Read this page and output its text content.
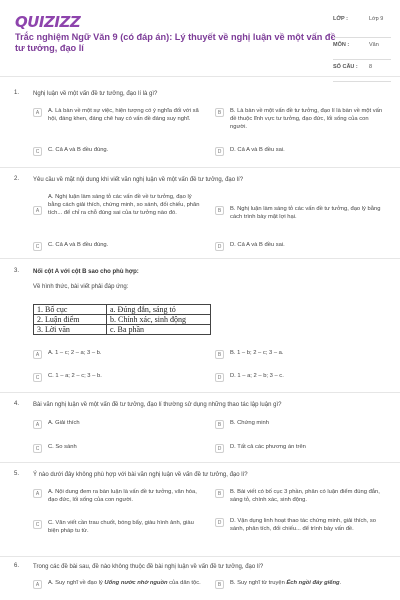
QUIZIZZ
Trắc nghiệm Ngữ Văn 9 (có đáp án): Lý thuyết về nghị luận về một vấn đề tư tưởng, đạo lí
LỚP :	Lớp 9
MÔN :	Văn
SỐ CÂU : 8
1. Nghị luận về một vấn đề tư tưởng, đạo lí là gì?
A	A. Là bàn về một sự việc, hiện tượng có ý nghĩa đối với xã hội, đáng khen, đáng chê hay có vấn đề đáng suy nghĩ.
B	B. Là bàn về một vấn đề tư tưởng, đạo lí là bàn về một vấn đề thuộc lĩnh vực tư tưởng, đạo đức, lối sống của con người.
C	C. Cả A và B đều đúng.	D	D. Cả A và B đều sai.
2. Yêu cầu về mặt nội dung khi viết văn nghị luận về một vấn đề tư tưởng, đạo lí?
A
A. Nghị luận làm sáng tỏ các vấn đề về tư tưởng, đạo lý bằng cách giải thích, chứng minh, so sánh, đối chiếu, phân tích... để chỉ ra chỗ đúng sai của tư tưởng nào đó.	B	B. Nghị luận làm sáng tỏ các vấn đề tư tưởng, đạo lý bằng cách trình bày mặt lợi hại.
C	C. Cả A và B đều đúng.	D	D. Cả A và B đều sai.
3. Nối cột A với cột B sao cho phù hợp:
Về hình thức, bài viết phải đáp ứng:
1. Bố cục	a. Đúng đắn, sáng tỏ
2. Luận điểm	b. Chính xác, sinh động
3. Lời văn	c. Ba phần
A	A. 1 – c; 2 – a; 3 – b.	B	B. 1 – b; 2 – c; 3 – a.
C	C. 1 – a; 2 – c; 3 – b.	D	D. 1 – a; 2 – b; 3 – c.
4. Bài văn nghị luận về một vấn đề tư tưởng, đạo lí thường sử dụng những thao tác lập luận gì?
A	A. Giải thích	B	B. Chứng minh
C	C. So sánh	D	D. Tất cả các phương án trên
5. Ý nào dưới đây không phù hợp với bài văn nghị luận về vấn đề tư tưởng, đạo lí?
A	A. Nội dung đem ra bàn luận là vấn đề tư tưởng, văn hóa, đạo đức, lối sống của con người.
B	B. Bài viết có bố cục 3 phần, phân có luận điểm đúng đắn, sáng tỏ, chính xác, sinh động.
C	C. Văn viết cần trau chuốt, bóng bẩy, giàu hình ảnh, giàu biện pháp tu từ.
D	D. Vận dụng linh hoạt thao tác chứng minh, giải thích, so sánh, phân tích, đối chiếu... để trình bày vấn đề.
6. Trong các đề bài sau, đề nào không thuộc đề bài nghị luận về vấn đề tư tưởng, đạo lí?
A	A. Suy nghĩ về đạo lý Uống nước nhớ nguồn của dân tộc.	B	B. Suy nghĩ từ truyện Ếch ngồi đáy giếng.
